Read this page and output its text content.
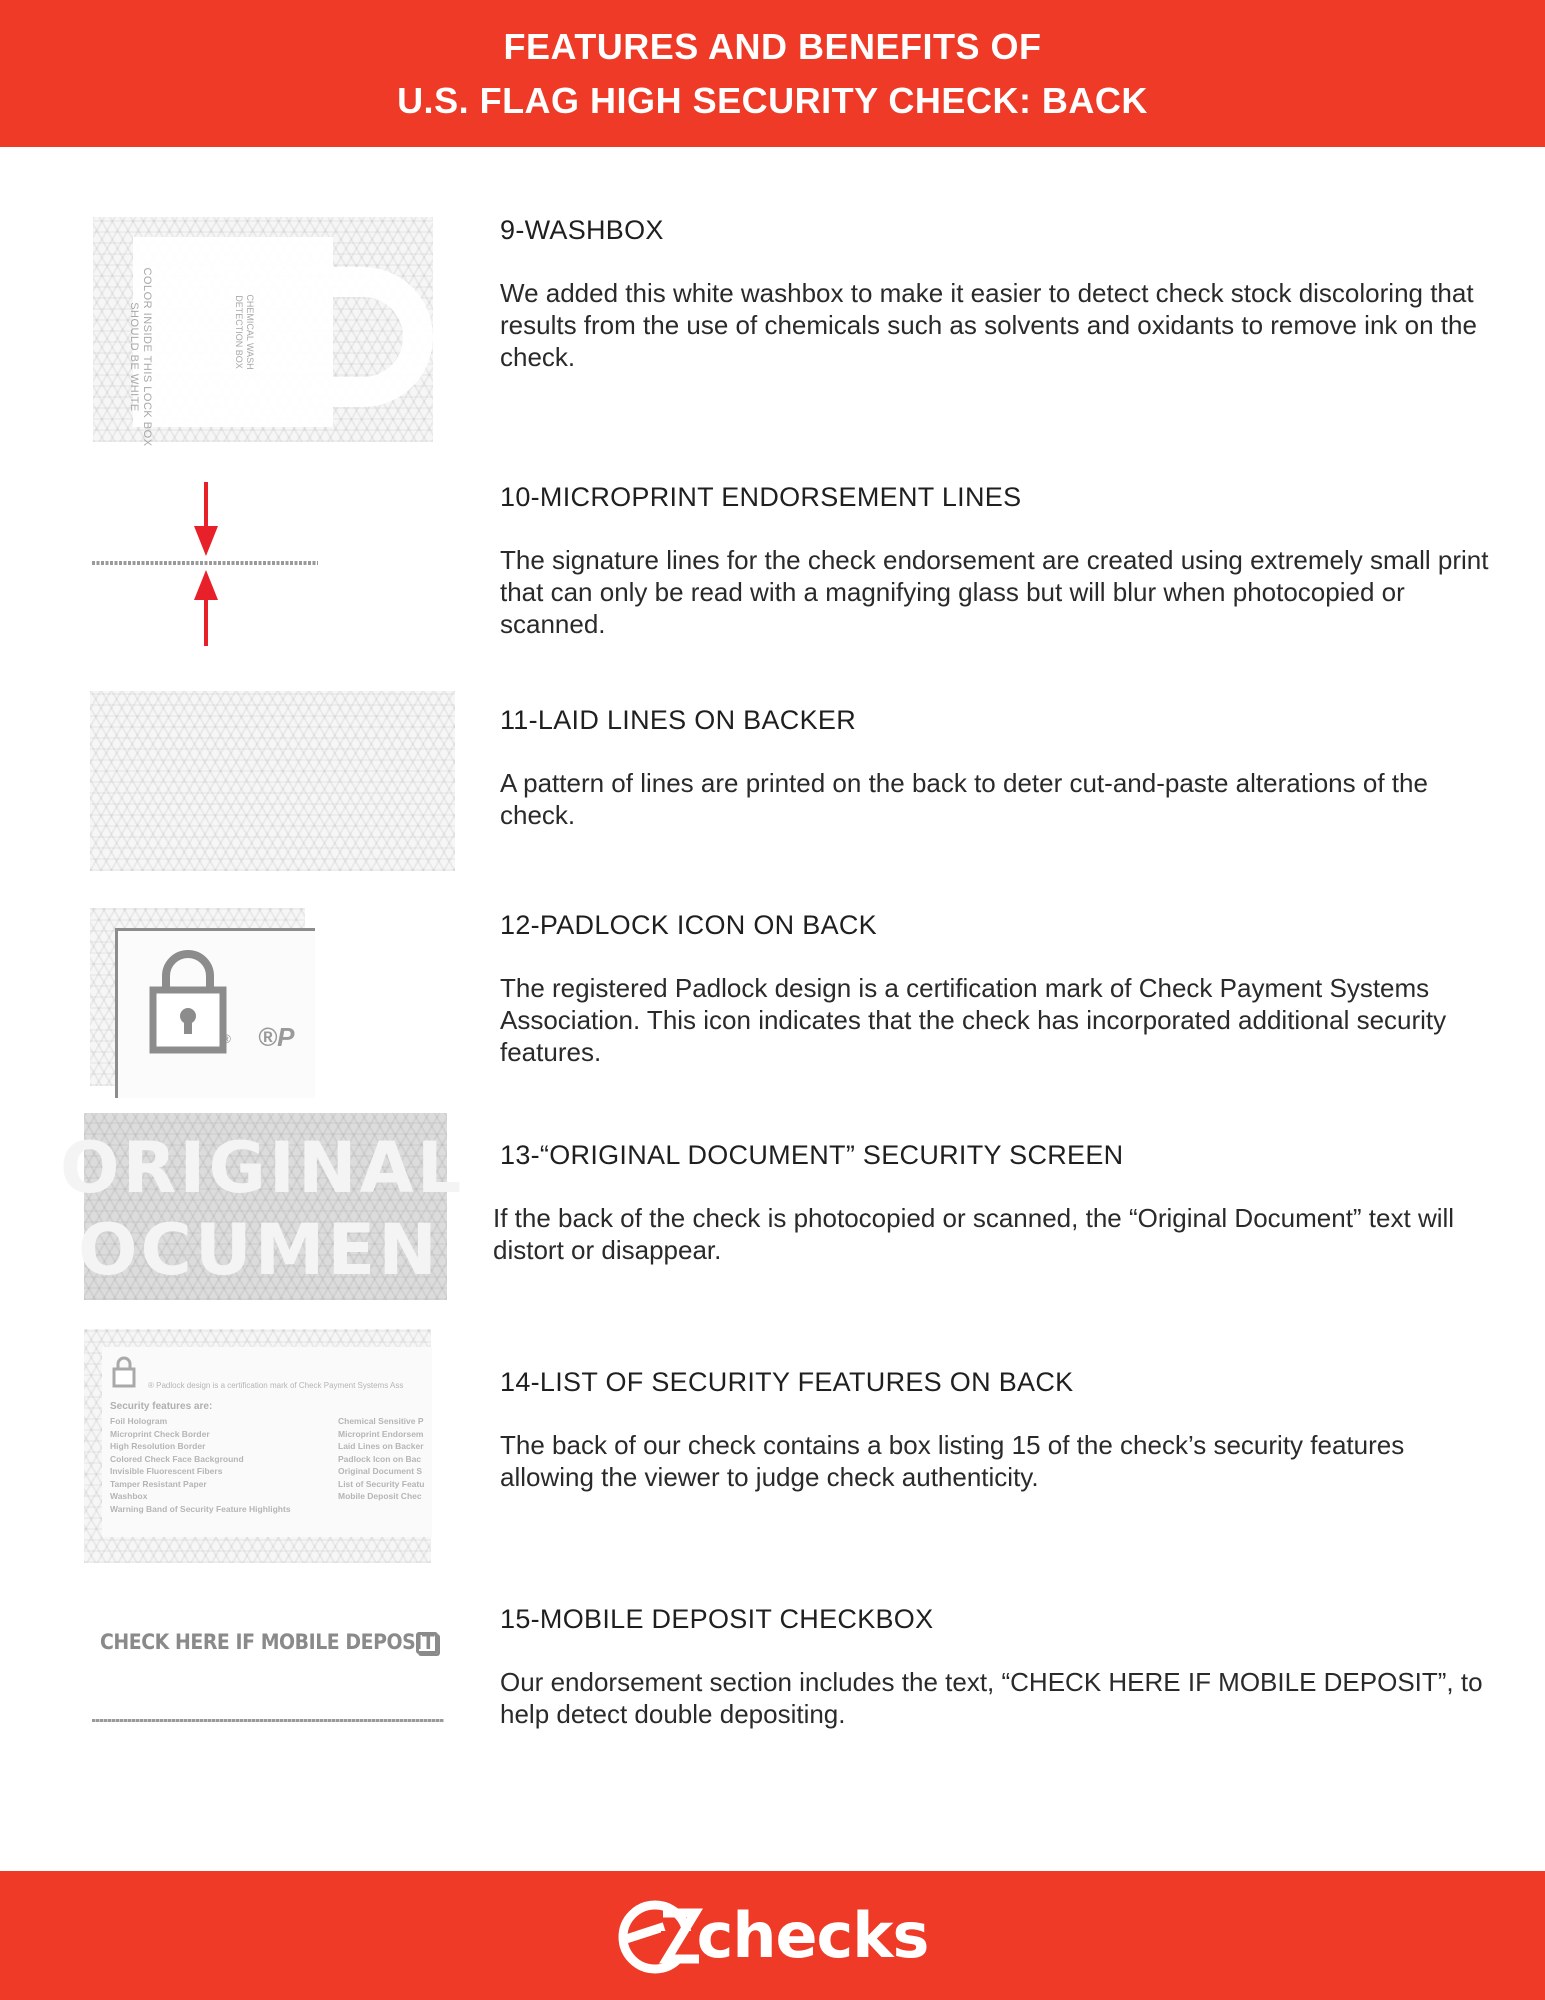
FEATURES AND BENEFITS OF
U.S. FLAG HIGH SECURITY CHECK: BACK
COLOR INSIDE THIS LOCK BOX SHOULD BE WHITE	CHEMICAL WASH DETECTION BOX
9-WASHBOX
We added this white washbox to make it easier to detect check stock discoloring that results from the use of chemicals such as solvents and oxidants to remove ink on the check.
10-MICROPRINT ENDORSEMENT LINES
The signature lines for the check endorsement are created using extremely small print that can only be read with a magnifying glass but will blur when photocopied or scanned.
11-LAID LINES ON BACKER
A pattern of lines are printed on the back to deter cut-and-paste alterations of the check.
® ®P
12-PADLOCK ICON ON BACK
The registered Padlock design is a certification mark of Check Payment Systems Association. This icon indicates that the check has incorporated additional security features.
ORIGINAL
OCUMEN
13-“ORIGINAL DOCUMENT” SECURITY SCREEN
If the back of the check is photocopied or scanned, the “Original Document” text will distort or disappear.
® Padlock design is a certification mark of Check Payment Systems Ass
Security features are:
Foil Hologram
Microprint Check Border
High Resolution Border
Colored Check Face Background
Invisible Fluorescent Fibers
Tamper Resistant Paper
Washbox
Warning Band of Security Feature Highlights
Chemical Sensitive P
Microprint Endorsem
Laid Lines on Backer
Padlock Icon on Bac
Original Document S
List of Security Featu
Mobile Deposit Chec
14-LIST OF SECURITY FEATURES ON BACK
The back of our check contains a box listing 15 of the check’s security features allowing the viewer to judge check authenticity.
CHECK HERE IF MOBILE DEPOSIT
15-MOBILE DEPOSIT CHECKBOX
Our endorsement section includes the text, “CHECK HERE IF MOBILE DEPOSIT”, to help detect double depositing.
checks
